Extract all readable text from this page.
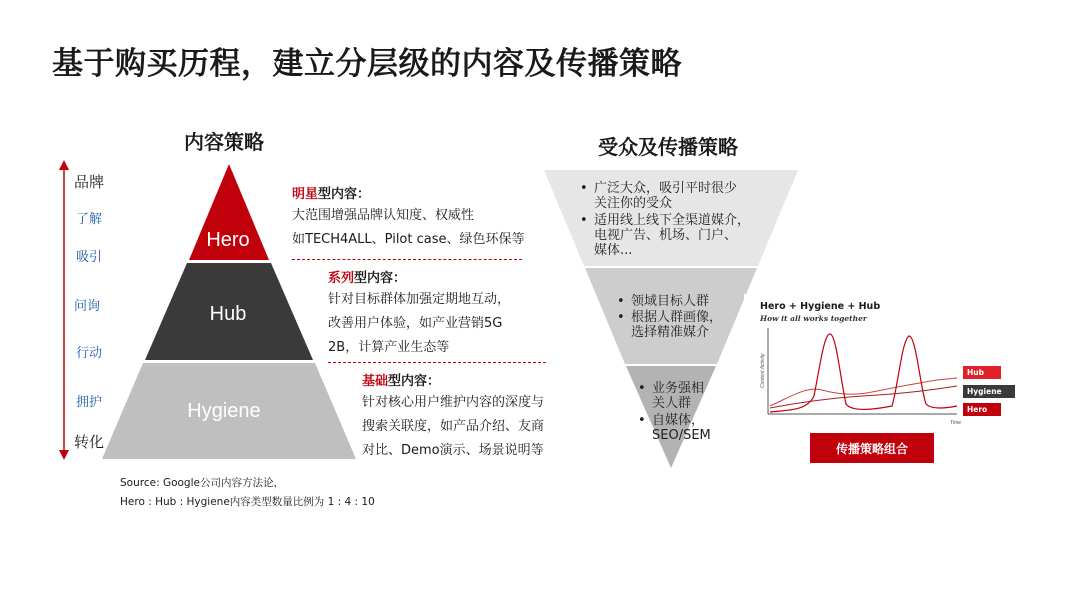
基于购买历程，建立分层级的内容及传播策略
内容策略
品牌
了解
吸引
问询
行动
拥护
转化
Hero
Hub
Hygiene
明星型内容：
大范围增强品牌认知度、权威性
如TECH4ALL、Pilot case、绿色环保等
系列型内容：
针对目标群体加强定期地互动，
改善用户体验，如产业营销5G
2B，计算产业生态等
基础型内容：
针对核心用户维护内容的深度与
搜索关联度，如产品介绍、友商
对比、Demo演示、场景说明等
Source: Google公司内容方法论，
Hero : Hub : Hygiene内容类型数量比例为 1 : 4 : 10
受众及传播策略
• 广泛大众，吸引平时很少
关注你的受众
• 适用线上线下全渠道媒介，
电视广告、机场、门户、
媒体...
• 领域目标人群
• 根据人群画像，
选择精准媒介
• 业务强相
关人群
• 自媒体，
SEO/SEM
Hero + Hygiene + Hub
How it all works together
Content Activity
Time
Hub
Hygiene
Hero
传播策略组合
